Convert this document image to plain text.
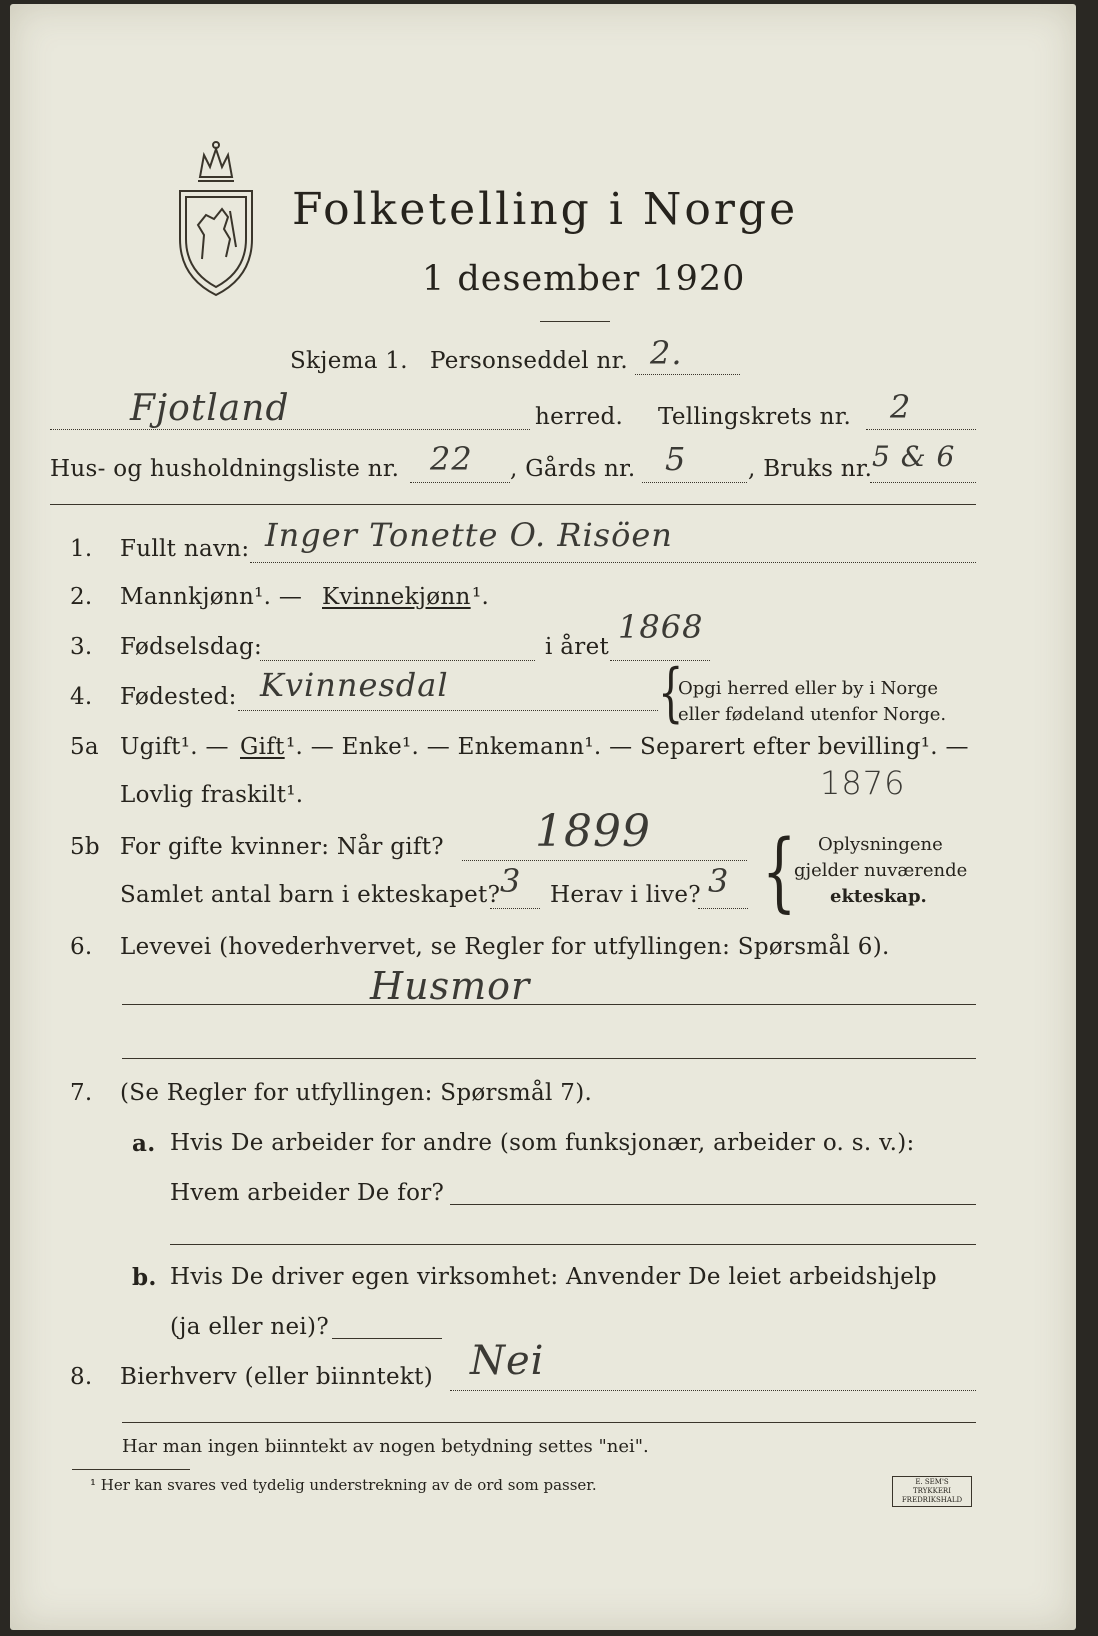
Folketelling i Norge
1 desember 1920
Skjema 1. Personseddel nr. 2.
Fjotland	herred. Tellingskrets nr. 2
Hus- og husholdningsliste nr. 22 , Gårds nr. 5	, Bruks nr. 5 & 6
1. Fullt navn: Inger Tonette O. Risöen
2. Mannkjønn¹. — Kvinnekjønn ¹.
3. Fødselsdag:	i året
1868
4. Fødested: Kvinnesdal	{
Opgi herred eller by i Norge
eller fødeland utenfor Norge.
5a Ugift¹. — Gift ¹. — Enke¹. — Enkemann¹. — Separert efter bevilling¹. —
Lovlig fraskilt¹.	1876
5b For gifte kvinner: Når gift? 1899
Samlet antal barn i ekteskapet? 3 Herav i live? 3 { Oplysningene
gjelder nuværende
ekteskap.
6. Levevei (hovederhvervet, se Regler for utfyllingen: Spørsmål 6).
Husmor
7. (Se Regler for utfyllingen: Spørsmål 7).
a. Hvis De arbeider for andre (som funksjonær, arbeider o. s. v.):
Hvem arbeider De for?
b. Hvis De driver egen virksomhet: Anvender De leiet arbeidshjelp
(ja eller nei)?
8. Bierhverv (eller biinntekt) Nei
Har man ingen biinntekt av nogen betydning settes "nei".
¹ Her kan svares ved tydelig understrekning av de ord som passer.	E. SEM'S TRYKKERI FREDRIKSHALD
